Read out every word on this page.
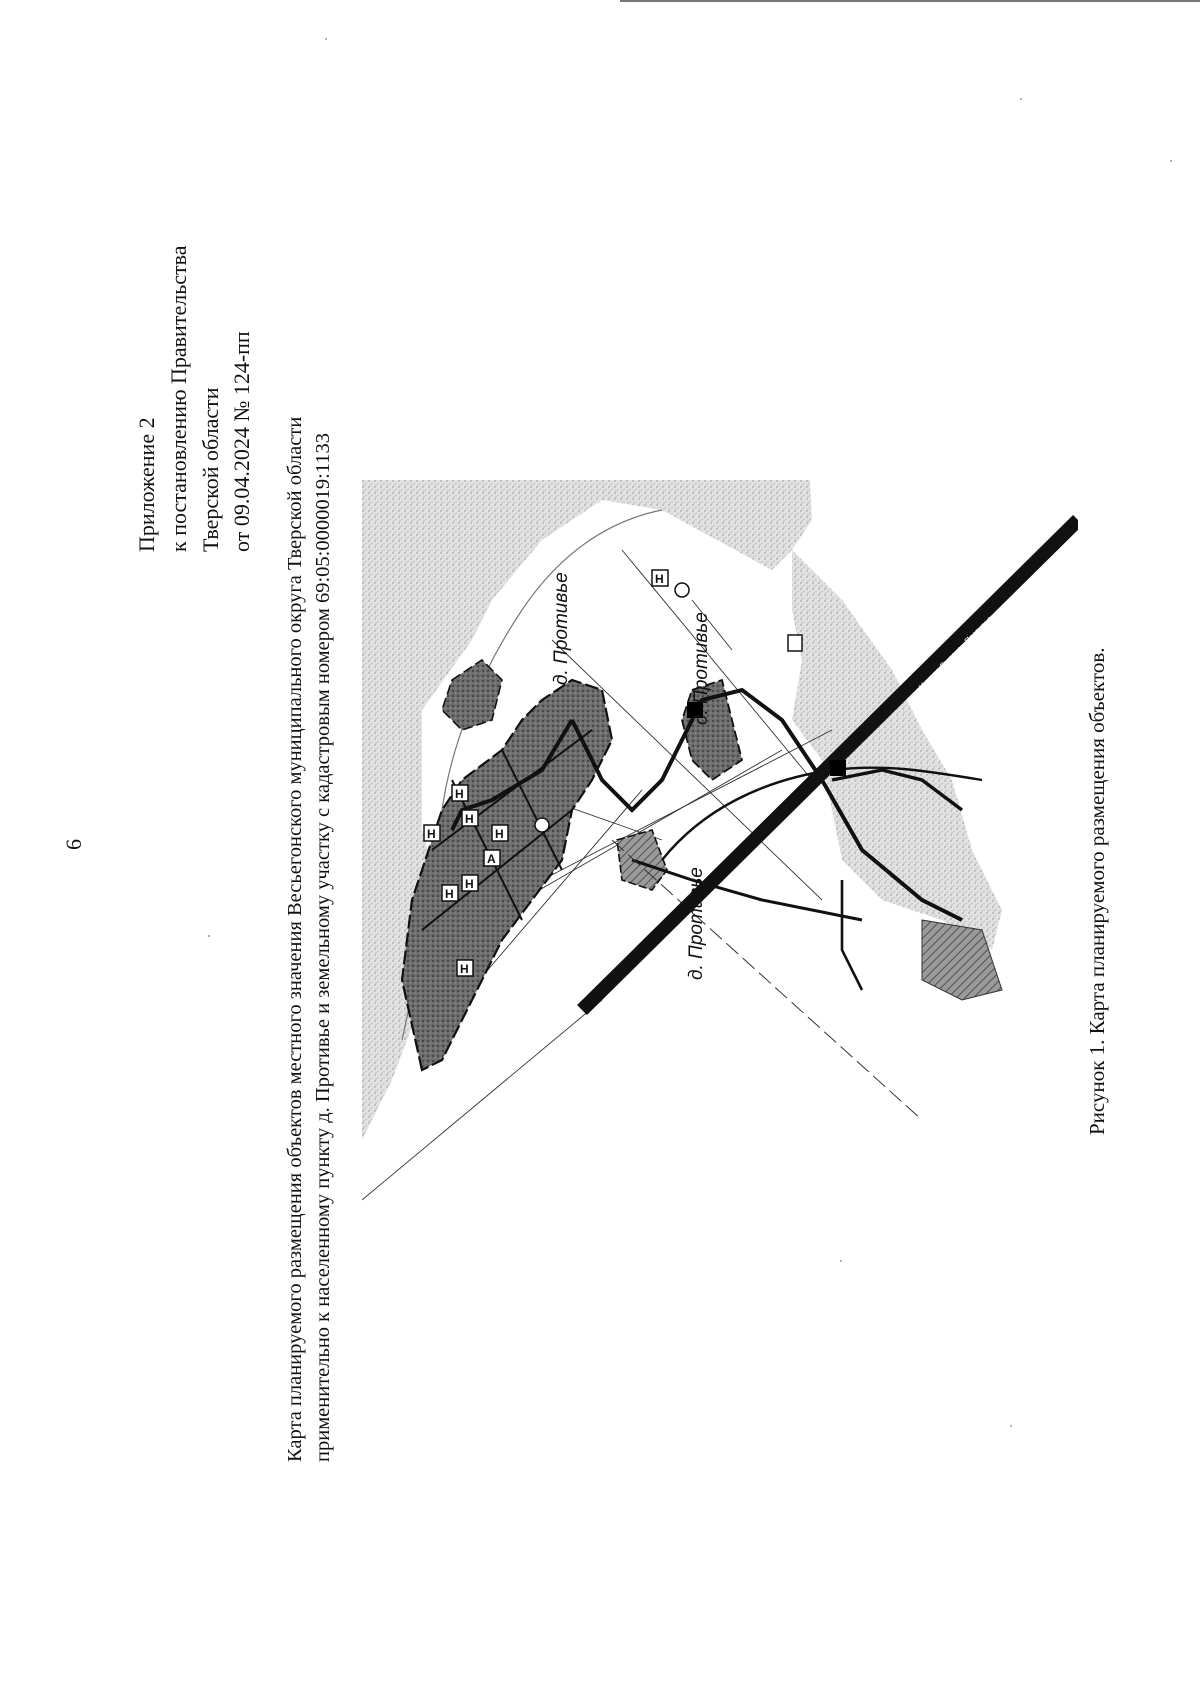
6
Приложение 2 к постановлению Правительства Тверской области от 09.04.2024 № 124-пп Карта планируемого размещения объектов местного значения Весьегонского муниципального округа Тверской области применительно к населенному пункту д. Противье и земельному участку с кадастровым номером 69:05:0000019:1133	Рисунок 1. Карта планируемого размещения объектов.
Никола-Высока - Противье
д. Противье	д. Противье
д. Противье
Н
Н
Н	Н
Н
Н
Н
Н
А
